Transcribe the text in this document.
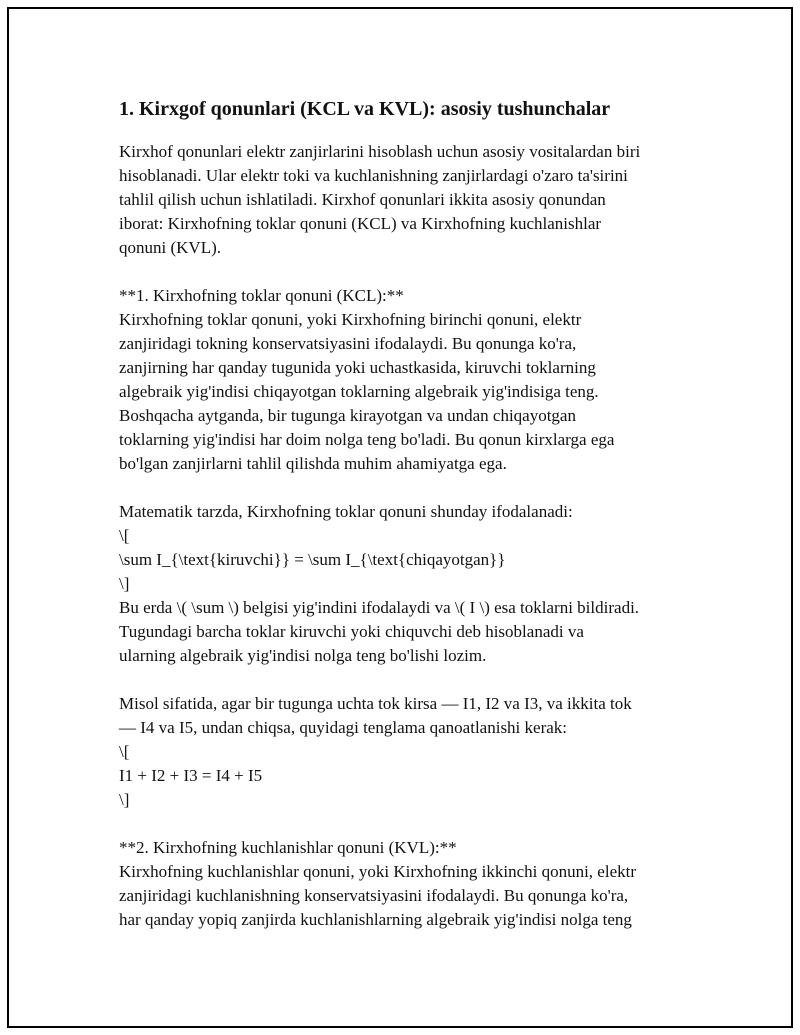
1. Kirxgof qonunlari (KCL va KVL): asosiy tushunchalar
Kirxhof qonunlari elektr zanjirlarini hisoblash uchun asosiy vositalardan biri
hisoblanadi. Ular elektr toki va kuchlanishning zanjirlardagi o'zaro ta'sirini
tahlil qilish uchun ishlatiladi. Kirxhof qonunlari ikkita asosiy qonundan
iborat: Kirxhofning toklar qonuni (KCL) va Kirxhofning kuchlanishlar
qonuni (KVL).
**1. Kirxhofning toklar qonuni (KCL):**
Kirxhofning toklar qonuni, yoki Kirxhofning birinchi qonuni, elektr
zanjiridagi tokning konservatsiyasini ifodalaydi. Bu qonunga ko'ra,
zanjirning har qanday tugunida yoki uchastkasida, kiruvchi toklarning
algebraik yig'indisi chiqayotgan toklarning algebraik yig'indisiga teng.
Boshqacha aytganda, bir tugunga kirayotgan va undan chiqayotgan
toklarning yig'indisi har doim nolga teng bo'ladi. Bu qonun kirxlarga ega
bo'lgan zanjirlarni tahlil qilishda muhim ahamiyatga ega.
Matematik tarzda, Kirxhofning toklar qonuni shunday ifodalanadi:
\[
\sum I_{\text{kiruvchi}} = \sum I_{\text{chiqayotgan}}
\]
Bu erda \( \sum \) belgisi yig'indini ifodalaydi va \( I \) esa toklarni bildiradi.
Tugundagi barcha toklar kiruvchi yoki chiquvchi deb hisoblanadi va
ularning algebraik yig'indisi nolga teng bo'lishi lozim.
Misol sifatida, agar bir tugunga uchta tok kirsa — I1, I2 va I3, va ikkita tok
— I4 va I5, undan chiqsa, quyidagi tenglama qanoatlanishi kerak:
\[
I1 + I2 + I3 = I4 + I5
\]
**2. Kirxhofning kuchlanishlar qonuni (KVL):**
Kirxhofning kuchlanishlar qonuni, yoki Kirxhofning ikkinchi qonuni, elektr
zanjiridagi kuchlanishning konservatsiyasini ifodalaydi. Bu qonunga ko'ra,
har qanday yopiq zanjirda kuchlanishlarning algebraik yig'indisi nolga teng
